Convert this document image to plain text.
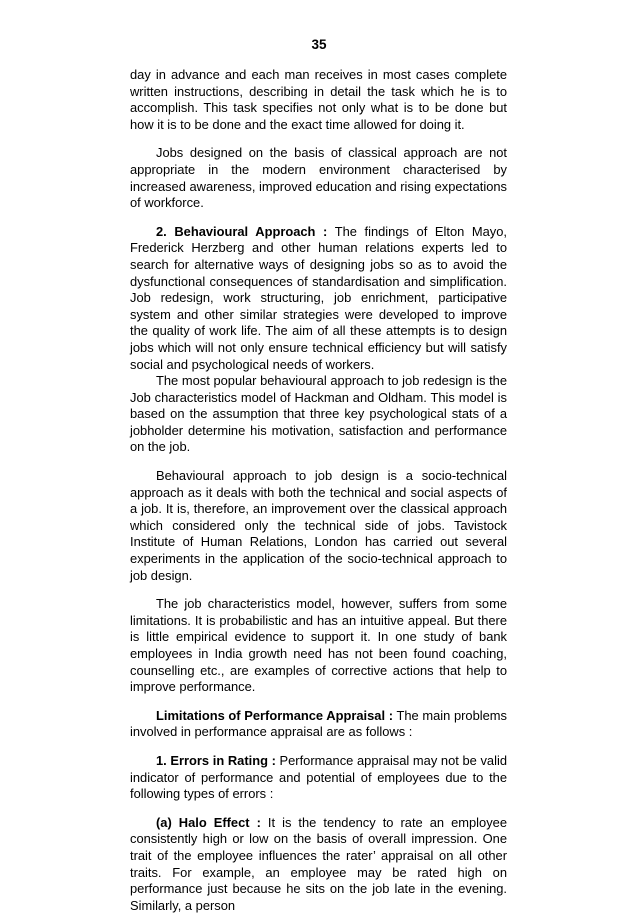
35

day in advance and each man receives in most cases complete written instructions, describing in detail the task which he is to accomplish. This task specifies not only what is to be done but how it is to be done and the exact time allowed for doing it.

Jobs designed on the basis of classical approach are not appropriate in the modern environment characterised by increased awareness, improved education and rising expectations of workforce.

2. Behavioural Approach : The findings of Elton Mayo, Frederick Herzberg and other human relations experts led to search for alternative ways of designing jobs so as to avoid the dysfunctional consequences of standardisation and simplification. Job redesign, work structuring, job enrichment, participative system and other similar strategies were developed to improve the quality of work life. The aim of all these attempts is to design jobs which will not only ensure technical efficiency but will satisfy social and psychological needs of workers.

The most popular behavioural approach to job redesign is the Job characteristics model of Hackman and Oldham. This model is based on the assumption that three key psychological stats of a jobholder determine his motivation, satisfaction and performance on the job.

Behavioural approach to job design is a socio-technical approach as it deals with both the technical and social aspects of a job. It is, therefore, an improvement over the classical approach which considered only the technical side of jobs. Tavistock Institute of Human Relations, London has carried out several experiments in the application of the socio-technical approach to job design.

The job characteristics model, however, suffers from some limitations. It is probabilistic and has an intuitive appeal. But there is little empirical evidence to support it. In one study of bank employees in India growth need has not been found coaching, counselling etc., are examples of corrective actions that help to improve performance.

Limitations of Performance Appraisal : The main problems involved in performance appraisal are as follows :

1. Errors in Rating : Performance appraisal may not be valid indicator of performance and potential of employees due to the following types of errors :

(a) Halo Effect : It is the tendency to rate an employee consistently high or low on the basis of overall impression. One trait of the employee influences the rater’ appraisal on all other traits. For example, an employee may be rated high on performance just because he sits on the job late in the evening. Similarly, a person
